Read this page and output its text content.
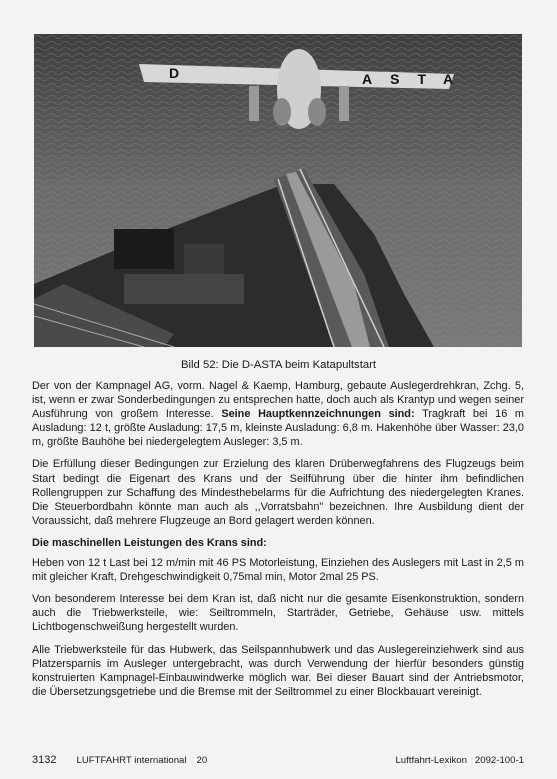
D	ASTA
Bild 52: Die D-ASTA beim Katapultstart

Der von der Kampnagel AG, vorm. Nagel & Kaemp, Hamburg, gebaute Auslegerdrehkran, Zchg. 5, ist, wenn er zwar Sonderbedingungen zu entsprechen hatte, doch auch als Krantyp und wegen seiner Ausführung von großem Interesse. Seine Hauptkennzeichnungen sind: Tragkraft bei 16 m Ausladung: 12 t, größte Ausladung: 17,5 m, kleinste Ausladung: 6,8 m. Hakenhöhe über Wasser: 23,0 m, größte Bauhöhe bei niedergelegtem Ausleger: 3,5 m.

Die Erfüllung dieser Bedingungen zur Erzielung des klaren Drüberwegfahrens des Flugzeugs beim Start bedingt die Eigenart des Krans und der Seilführung über die hinter ihm befindlichen Rollengruppen zur Schaffung des Mindesthebelarms für die Aufrichtung des niedergelegten Kranes. Die Steuerbordbahn könnte man auch als ,,Vorratsbahn" bezeichnen. Ihre Ausbildung dient der Voraussicht, daß mehrere Flugzeuge an Bord gelagert werden können.

Die maschinellen Leistungen des Krans sind:

Heben von 12 t Last bei 12 m/min mit 46 PS Motorleistung, Einziehen des Auslegers mit Last in 2,5 m mit gleicher Kraft, Drehgeschwindigkeit 0,75mal min, Motor 2mal 25 PS.

Von besonderem Interesse bei dem Kran ist, daß nicht nur die gesamte Eisenkonstruktion, sondern auch die Triebwerksteile, wie: Seiltrommeln, Starträder, Getriebe, Gehäuse usw. mittels Lichtbogenschweißung hergestellt wurden.

Alle Triebwerksteile für das Hubwerk, das Seilspannhubwerk und das Auslegereinziehwerk sind aus Platzersparnis im Ausleger untergebracht, was durch Verwendung der hierfür besonders günstig konstruierten Kampnagel-Einbauwindwerke möglich war. Bei dieser Bauart sind der Antriebsmotor, die Übersetzungsgetriebe und die Bremse mit der Seiltrommel zu einer Blockbauart vereinigt.

3132 LUFTFAHRT international 20	Luftfahrt-Lexikon
2092-100-1
